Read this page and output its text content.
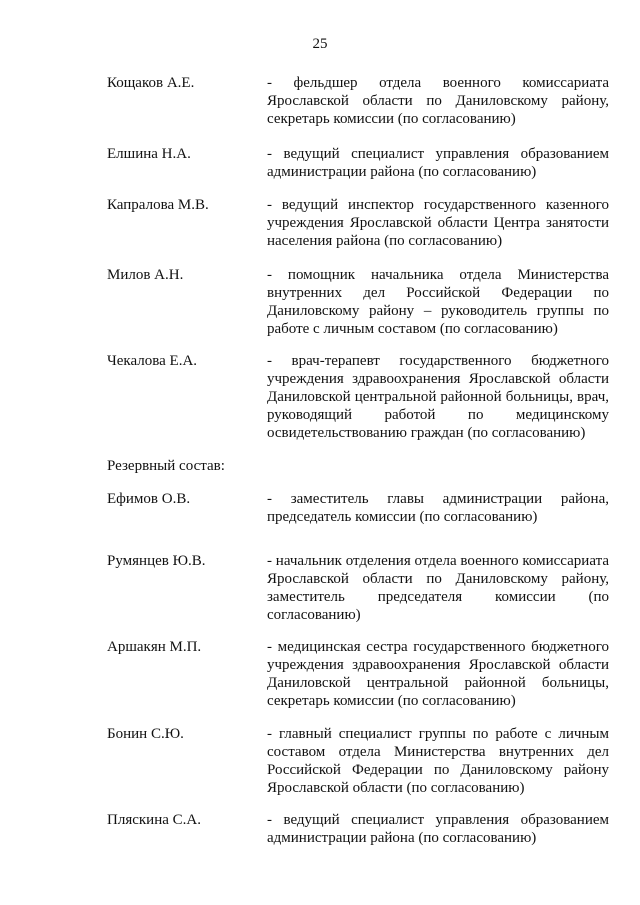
25
Кощаков А.Е.	- фельдшер отдела военного комиссариата Ярославской области по Даниловскому району, секретарь комиссии (по согласованию)
Елшина Н.А.	- ведущий специалист управления образованием администрации района (по согласованию)
Капралова М.В.	- ведущий инспектор государственного казенного учреждения Ярославской области Центра занятости населения района (по согласованию)
Милов А.Н.	- помощник начальника отдела Министерства внутренних дел Российской Федерации по Даниловскому району – руководитель группы по работе с личным составом (по согласованию)
Чекалова Е.А.	- врач-терапевт государственного бюджетного учреждения здравоохранения Ярославской области Даниловской центральной районной больницы, врач, руководящий работой по медицинскому освидетельствованию граждан (по согласованию)
Резервный состав:
Ефимов О.В.	- заместитель главы администрации района, председатель комиссии (по согласованию)
Румянцев Ю.В.	- начальник отделения отдела военного комиссариата Ярославской области по Даниловскому району, заместитель председателя комиссии (по согласованию)
Аршакян М.П.	- медицинская сестра государственного бюджетного учреждения здравоохранения Ярославской области Даниловской центральной районной больницы, секретарь комиссии (по согласованию)
Бонин С.Ю.	- главный специалист группы по работе с личным составом отдела Министерства внутренних дел Российской Федерации по Даниловскому району Ярославской области (по согласованию)
Пляскина С.А.	- ведущий специалист управления образованием администрации района (по согласованию)
